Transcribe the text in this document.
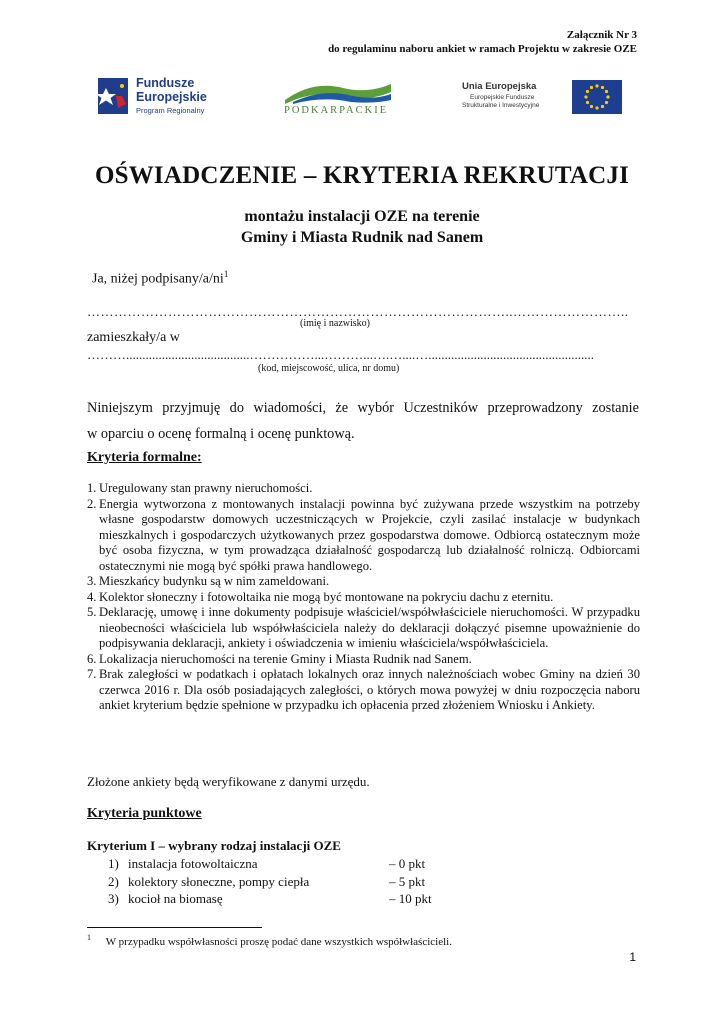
Załącznik Nr 3
do regulaminu naboru ankiet w ramach Projektu w zakresie OZE
Fundusze
Europejskie
Program Regionalny	PODKARPACKIE
Unia Europejska
Europejskie Fundusze
Strukturalne i Inwestycyjne
OŚWIADCZENIE – KRYTERIA REKRUTACJI
montażu instalacji OZE na terenie
Gminy i Miasta Rudnik nad Sanem
Ja, niżej podpisany/$a/ni^1$
…………………………………………………………………………………..……………………..
(imię i nazwisko)
zamieszkały/a w
………......................................……………...………...….…....…...................................................
(kod, miejscowość, ulica, nr domu)
Niniejszym przyjmuję do wiadomości, że wybór Uczestników przeprowadzony zostanie
w oparciu o ocenę formalną i ocenę punktową.
Kryteria formalne:
1. Uregulowany stan prawny nieruchomości.
2. Energia wytworzona z montowanych instalacji powinna być zużywana przede wszystkim na potrzeby własne gospodarstw domowych uczestniczących w Projekcie, czyli zasilać instalacje w budynkach mieszkalnych i gospodarczych użytkowanych przez gospodarstwa domowe. Odbiorcą ostatecznym może być osoba fizyczna, w tym prowadząca działalność gospodarczą lub działalność rolniczą. Odbiorcami ostatecznymi nie mogą być spółki prawa handlowego.
3. Mieszkańcy budynku są w nim zameldowani.
4. Kolektor słoneczny i fotowoltaika nie mogą być montowane na pokryciu dachu z eternitu.
5. Deklarację, umowę i inne dokumenty podpisuje właściciel/współwłaściciele nieruchomości. W przypadku nieobecności właściciela lub współwłaściciela należy do deklaracji dołączyć pisemne upoważnienie do podpisywania deklaracji, ankiety i oświadczenia w imieniu właściciela/współwłaściciela.
6. Lokalizacja nieruchomości na terenie Gminy i Miasta Rudnik nad Sanem.
7. Brak zaległości w podatkach i opłatach lokalnych oraz innych należnościach wobec Gminy na dzień 30 czerwca 2016 r. Dla osób posiadających zaległości, o których mowa powyżej w dniu rozpoczęcia naboru ankiet kryterium będzie spełnione w przypadku ich opłacenia przed złożeniem Wniosku i Ankiety.
Złożone ankiety będą weryfikowane z danymi urzędu.
Kryteria punktowe
Kryterium I – wybrany rodzaj instalacji OZE
1) instalacja fotowoltaiczna	– 0 pkt
2) kolektory słoneczne, pompy ciepła	– 5 pkt
3) kocioł na biomasę	– 10 pkt
$^1$ W przypadku współwłasności proszę podać dane wszystkich współwłaścicieli.
1
